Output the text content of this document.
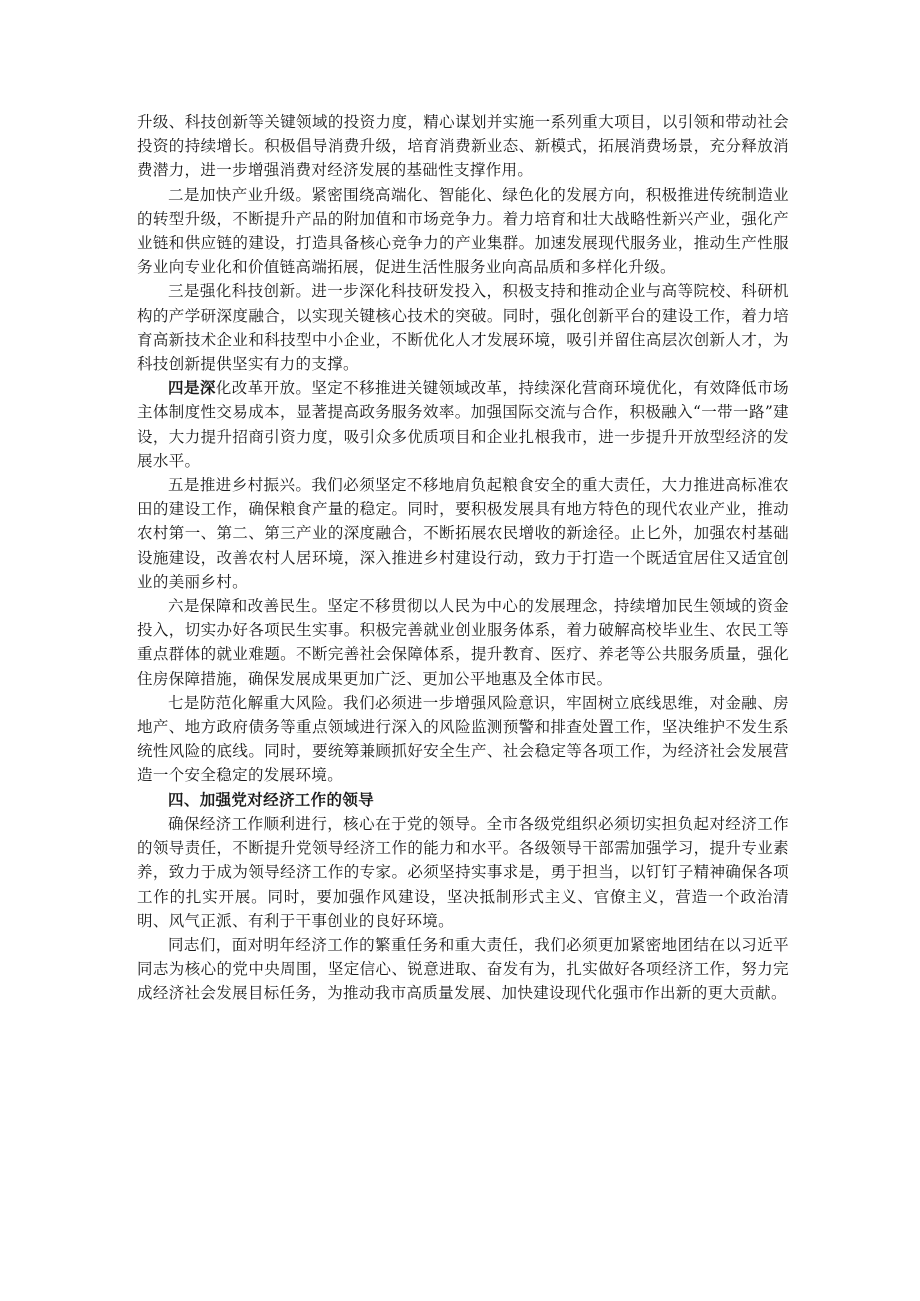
升级、科技创新等关键领域的投资力度，精心谋划并实施一系列重大项目，以引领和带动社会投资的持续增长。积极倡导消费升级，培育消费新业态、新模式，拓展消费场景，充分释放消费潜力，进一步增强消费对经济发展的基础性支撑作用。

二是加快产业升级。紧密围绕高端化、智能化、绿色化的发展方向，积极推进传统制造业的转型升级，不断提升产品的附加值和市场竞争力。着力培育和壮大战略性新兴产业，强化产业链和供应链的建设，打造具备核心竞争力的产业集群。加速发展现代服务业，推动生产性服务业向专业化和价值链高端拓展，促进生活性服务业向高品质和多样化升级。

三是强化科技创新。进一步深化科技研发投入，积极支持和推动企业与高等院校、科研机构的产学研深度融合，以实现关键核心技术的突破。同时，强化创新平台的建设工作，着力培育高新技术企业和科技型中小企业，不断优化人才发展环境，吸引并留住高层次创新人才，为科技创新提供坚实有力的支撑。

四是深化改革开放。坚定不移推进关键领域改革，持续深化营商环境优化，有效降低市场主体制度性交易成本，显著提高政务服务效率。加强国际交流与合作，积极融入“一带一路”建设，大力提升招商引资力度，吸引众多优质项目和企业扎根我市，进一步提升开放型经济的发展水平。

五是推进乡村振兴。我们必须坚定不移地肩负起粮食安全的重大责任，大力推进高标准农田的建设工作，确保粮食产量的稳定。同时，要积极发展具有地方特色的现代农业产业，推动农村第一、第二、第三产业的深度融合，不断拓展农民增收的新途径。止匕外，加强农村基础设施建设，改善农村人居环境，深入推进乡村建设行动，致力于打造一个既适宜居住又适宜创业的美丽乡村。

六是保障和改善民生。坚定不移贯彻以人民为中心的发展理念，持续增加民生领域的资金投入，切实办好各项民生实事。积极完善就业创业服务体系，着力破解高校毕业生、农民工等重点群体的就业难题。不断完善社会保障体系，提升教育、医疗、养老等公共服务质量，强化住房保障措施，确保发展成果更加广泛、更加公平地惠及全体市民。

七是防范化解重大风险。我们必须进一步增强风险意识，牢固树立底线思维，对金融、房地产、地方政府债务等重点领域进行深入的风险监测预警和排查处置工作，坚决维护不发生系统性风险的底线。同时，要统筹兼顾抓好安全生产、社会稳定等各项工作，为经济社会发展营造一个安全稳定的发展环境。

四、加强党对经济工作的领导

确保经济工作顺利进行，核心在于党的领导。全市各级党组织必须切实担负起对经济工作的领导责任，不断提升党领导经济工作的能力和水平。各级领导干部需加强学习，提升专业素养，致力于成为领导经济工作的专家。必须坚持实事求是，勇于担当，以钉钉子精神确保各项工作的扎实开展。同时，要加强作风建设，坚决抵制形式主义、官僚主义，营造一个政治清明、风气正派、有利于干事创业的良好环境。

同志们，面对明年经济工作的繁重任务和重大责任，我们必须更加紧密地团结在以习近平同志为核心的党中央周围，坚定信心、锐意进取、奋发有为，扎实做好各项经济工作，努力完成经济社会发展目标任务，为推动我市高质量发展、加快建设现代化强市作出新的更大贡献。
